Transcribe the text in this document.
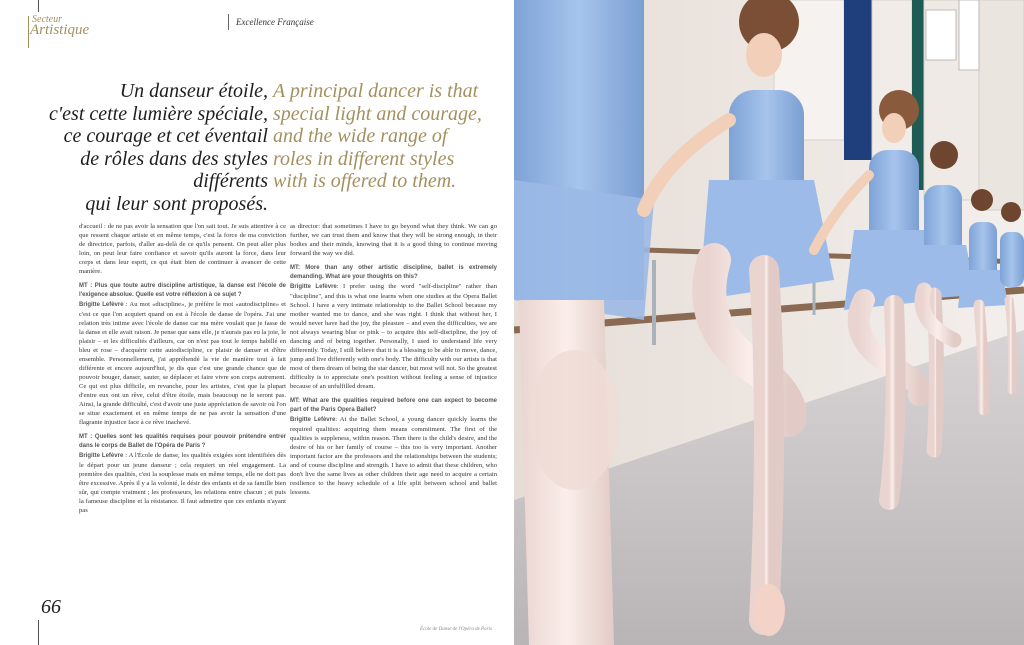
Secteur
Artistique	Excellence Française
Un danseur étoile,
c'est cette lumière spéciale,
ce courage et cet éventail
de rôles dans des styles différents
qui leur sont proposés.
A principal dancer is that
special light and courage,
and the wide range of
roles in different styles
with is offered to them.

d'accueil : de ne pas avoir la sensation que l'on sait tout. Je suis attentive à ce que ressent chaque artiste et en même temps, c'est la force de ma conviction de directrice, parfois, d'aller au-delà de ce qu'ils pensent. On peut aller plus loin, on peut leur faire confiance et savoir qu'ils auront la force, dans leur corps et dans leur esprit, ce qui était bien de continuer à avancer de cette manière.

MT : Plus que toute autre discipline artistique, la danse est l'école de l'exigence absolue. Quelle est votre réflexion à ce sujet ?

Brigitte Lefèvre : Au mot «discipline», je préfère le mot «autodiscipline» et c'est ce que l'on acquiert quand on est à l'école de danse de l'opéra. J'ai une relation très intime avec l'école de danse car ma mère voulait que je fasse de la danse et elle avait raison. Je pense que sans elle, je n'aurais pas eu la joie, le plaisir – et les difficultés d'ailleurs, car on n'est pas tout le temps habillé en bleu et rose – d'acquérir cette autodiscipline, ce plaisir de danser et d'être ensemble. Personnellement, j'ai appréhendé la vie de manière tout à fait différente et encore aujourd'hui, je dis que c'est une grande chance que de pouvoir bouger, danser, sauter, se déplacer et faire vivre son corps autrement. Ce qui est plus difficile, en revanche, pour les artistes, c'est que la plupart d'entre eux ont un rêve, celui d'être étoile, mais beaucoup ne le seront pas. Ainsi, la grande difficulté, c'est d'avoir une juste appréciation de savoir où l'on se situe exactement et en même temps de ne pas avoir la sensation d'une flagrante injustice face à ce rêve inachevé.

MT : Quelles sont les qualités requises pour pouvoir prétendre entrer dans le corps de Ballet de l'Opéra de Paris ?

Brigitte Lefèvre : A l'École de danse, les qualités exigées sont identifiées dès le départ pour un jeune danseur ; cela requiert un réel engagement. La première des qualités, c'est la souplesse mais en même temps, elle ne doit pas être excessive. Après il y a la volonté, le désir des enfants et de sa famille bien sûr, qui compte vraiment ; les professeurs, les relations entre chacun ; et puis la fameuse discipline et la résistance. Il faut admettre que ces enfants n'ayant pas

as director: that sometimes I have to go beyond what they think. We can go further, we can trust them and know that they will be strong enough, in their bodies and their minds, knowing that it is a good thing to continue moving forward the way we did.

MT: More than any other artistic discipline, ballet is extremely demanding. What are your thoughts on this?

Brigitte Lefèvre: I prefer using the word "self-discipline" rather than "discipline", and this is what one learns when one studies at the Opera Ballet School. I have a very intimate relationship to the Ballet School because my mother wanted me to dance, and she was right. I think that without her, I would never have had the joy, the pleasure – and even the difficulties, we are not always wearing blue or pink – to acquire this self-discipline, the joy of dancing and of being together. Personally, I used to understand life very differently. Today, I still believe that it is a blessing to be able to move, dance, jump and live differently with one's body. The difficulty with our artists is that most of them dream of being the star dancer, but most will not. So the greatest difficulty is to appreciate one's position without feeling a sense of injustice because of an unfulfilled dream.

MT: What are the qualities required before one can expect to become part of the Paris Opera Ballet?

Brigitte Lefèvre: At the Ballet School, a young dancer quickly learns the required qualities: acquiring them means commitment. The first of the qualities is suppleness, within reason. Then there is the child's desire, and the desire of his or her family of course – this too is very important. Another important factor are the professors and the relationships between the students; and of course discipline and strength. I have to admit that these children, who don't live the same lives as other children their age need to acquire a certain resilience to the heavy schedule of a life split between school and ballet lessons.

66
École de Danse de l'Opéra de Paris
